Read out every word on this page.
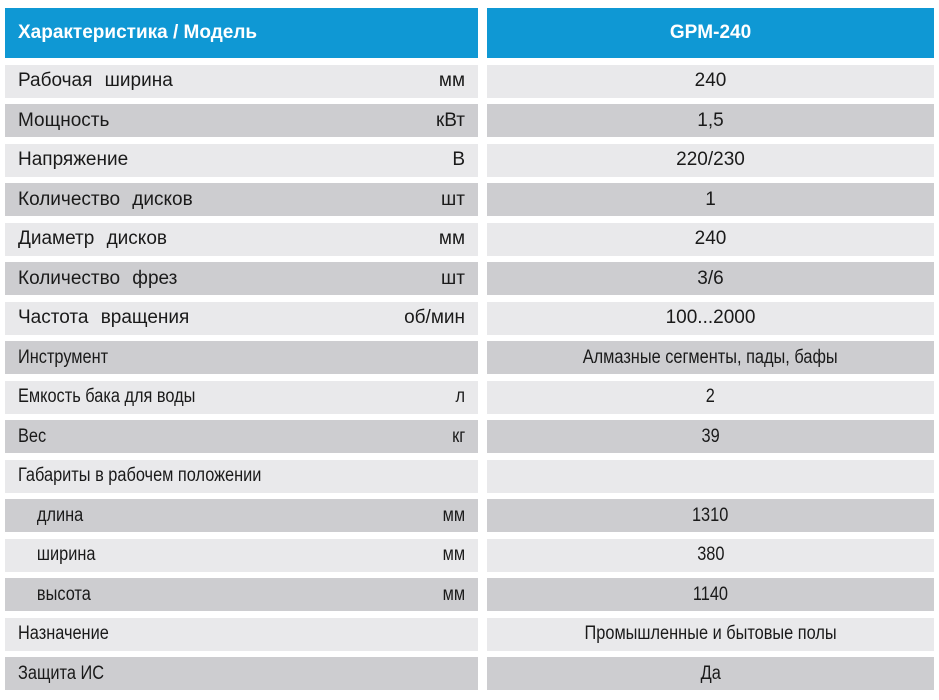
Характеристика / Модель	GPM-240
Рабочая ширина	мм	240
Мощность	кВт	1,5
Напряжение	В	220/230
Количество дисков	шт	1
Диаметр дисков	мм	240
Количество фрез	шт	3/6
Частота вращения	об/мин	100...2000
Инструмент	Алмазные сегменты, пады, бафы
Емкость бака для воды	л	2
Вес	кг	39
Габариты в рабочем положении
длина	мм	1310
ширина	мм	380
высота	мм	1140
Назначение	Промышленные и бытовые полы
Защита ИС	Да
